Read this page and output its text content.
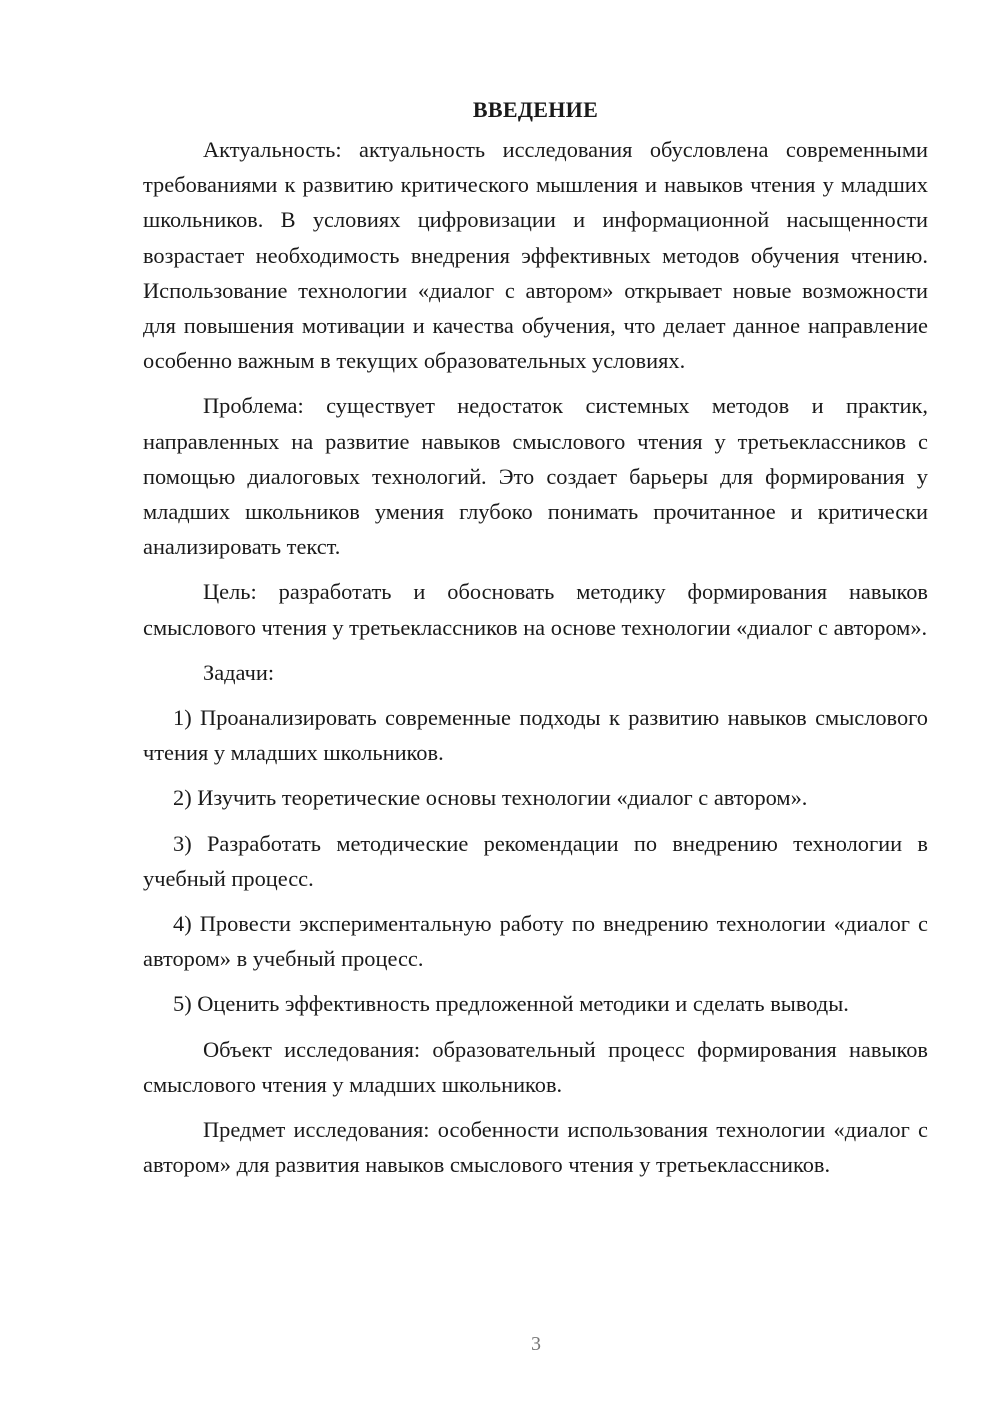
ВВЕДЕНИЕ

Актуальность: актуальность исследования обусловлена современными требованиями к развитию критического мышления и навыков чтения у младших школьников. В условиях цифровизации и информационной насыщенности возрастает необходимость внедрения эффективных методов обучения чтению. Использование технологии «диалог с автором» открывает новые возможности для повышения мотивации и качества обучения, что делает данное направление особенно важным в текущих образовательных условиях.

Проблема: существует недостаток системных методов и практик, направленных на развитие навыков смыслового чтения у третьеклассников с помощью диалоговых технологий. Это создает барьеры для формирования у младших школьников умения глубоко понимать прочитанное и критически анализировать текст.

Цель: разработать и обосновать методику формирования навыков смыслового чтения у третьеклассников на основе технологии «диалог с автором».

Задачи:

1) Проанализировать современные подходы к развитию навыков смыслового чтения у младших школьников.

2) Изучить теоретические основы технологии «диалог с автором».

3) Разработать методические рекомендации по внедрению технологии в учебный процесс.

4) Провести экспериментальную работу по внедрению технологии «диалог с автором» в учебный процесс.

5) Оценить эффективность предложенной методики и сделать выводы.

Объект исследования: образовательный процесс формирования навыков смыслового чтения у младших школьников.

Предмет исследования: особенности использования технологии «диалог с автором» для развития навыков смыслового чтения у третьеклассников.

3
